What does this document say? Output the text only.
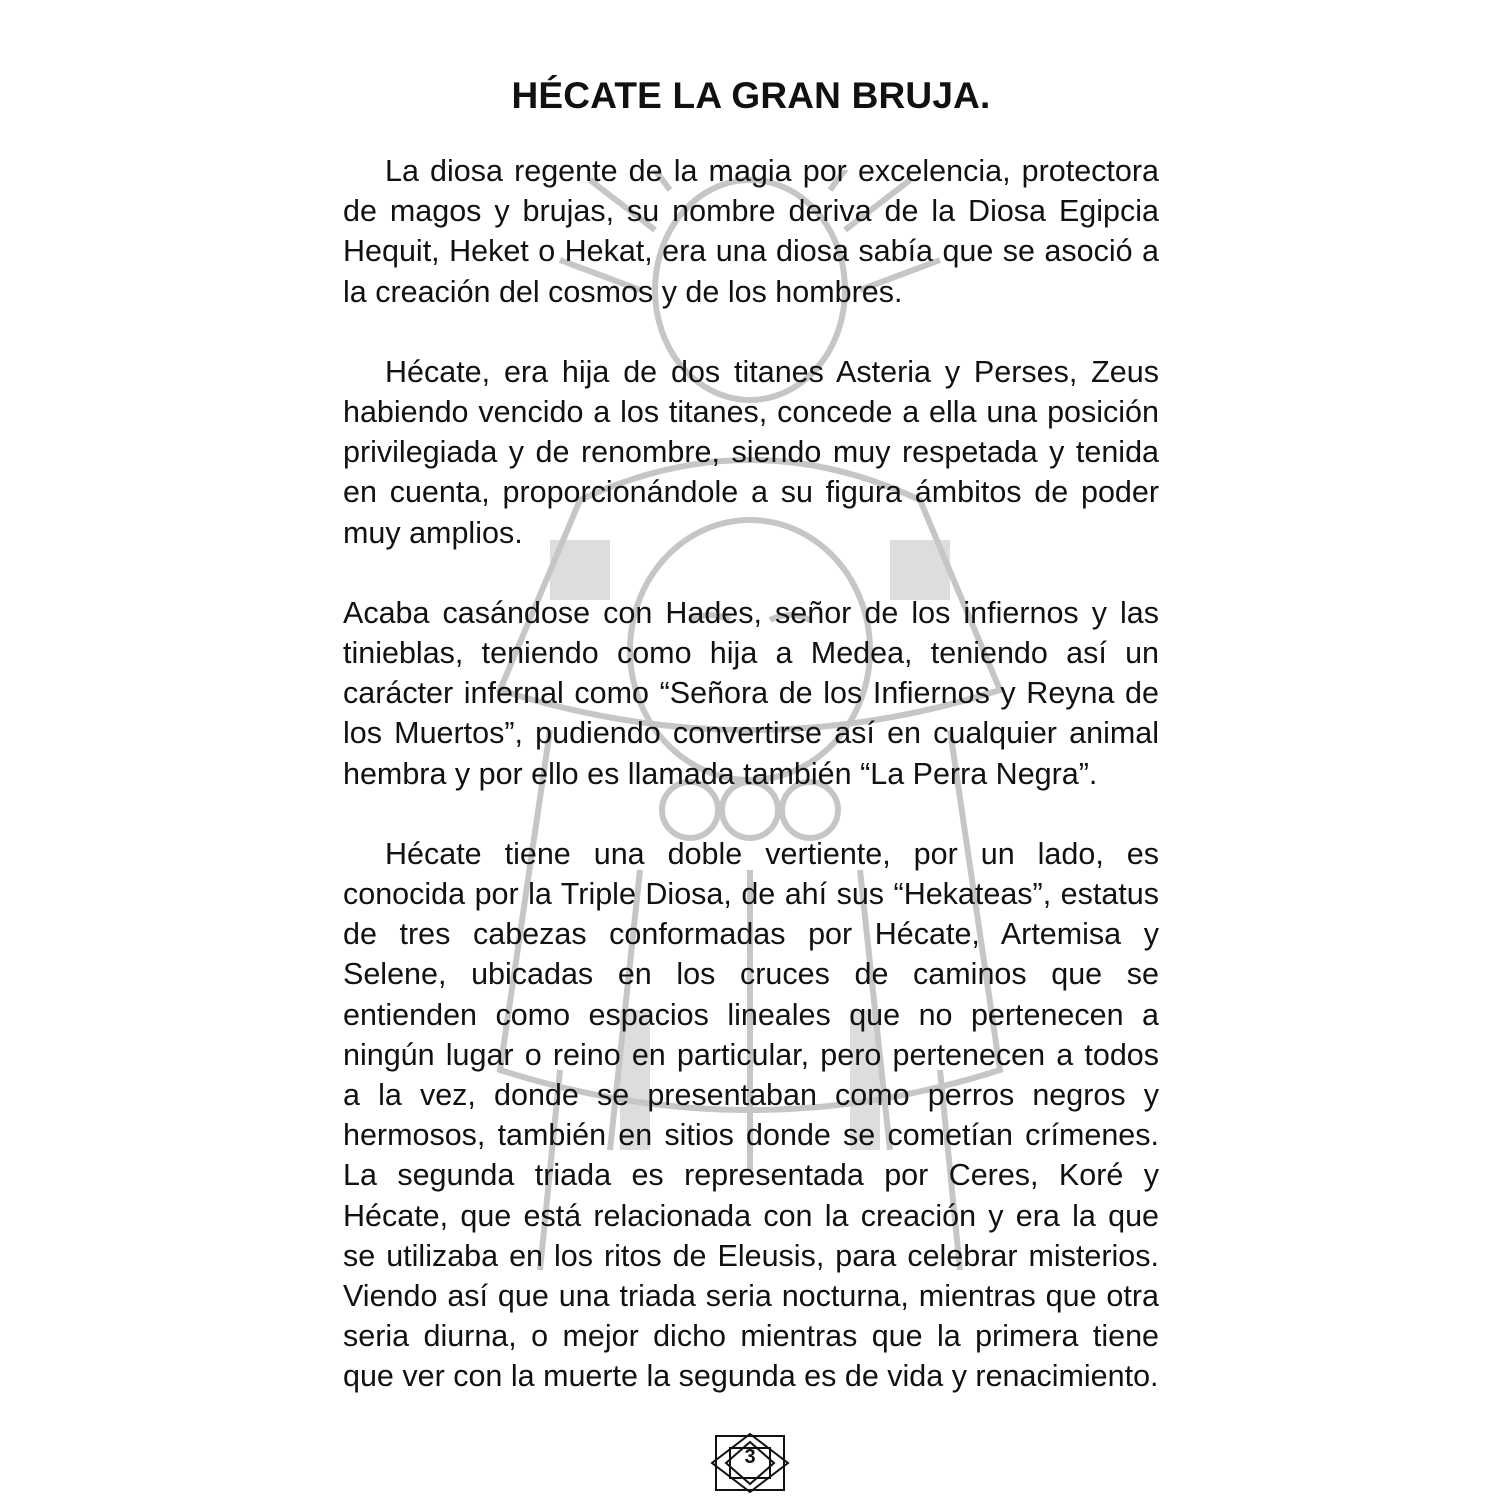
HÉCATE LA GRAN BRUJA.

La diosa regente de la magia por excelencia, protectora de magos y brujas, su nombre deriva de la Diosa Egipcia Hequit, Heket o Hekat, era una diosa sabía que se asoció a la creación del cosmos y de los hombres.

Hécate, era hija de dos titanes Asteria y Perses, Zeus habiendo vencido a los titanes, concede a ella una posición privilegiada y de renombre, siendo muy respetada y tenida en cuenta, proporcionándole a su figura ámbitos de poder muy amplios.

Acaba casándose con Hades, señor de los infiernos y las tinieblas, teniendo como hija a Medea, teniendo así un carácter infernal como “Señora de los Infiernos y Reyna de los Muertos”, pudiendo convertirse así en cualquier animal hembra y por ello es llamada también “La Perra Negra”.

Hécate tiene una doble vertiente, por un lado, es conocida por la Triple Diosa, de ahí sus “Hekateas”, estatus de tres cabezas conformadas por Hécate, Artemisa y Selene, ubicadas en los cruces de caminos que se entienden como espacios lineales que no pertenecen a ningún lugar o reino en particular, pero pertenecen a todos a la vez, donde se presentaban como perros negros y hermosos, también en sitios donde se cometían crímenes. La segunda triada es representada por Ceres, Koré y Hécate, que está relacionada con la creación y era la que se utilizaba en los ritos de Eleusis, para celebrar misterios. Viendo así que una triada seria nocturna, mientras que otra seria diurna, o mejor dicho mientras que la primera tiene que ver con la muerte la segunda es de vida y renacimiento.

3
